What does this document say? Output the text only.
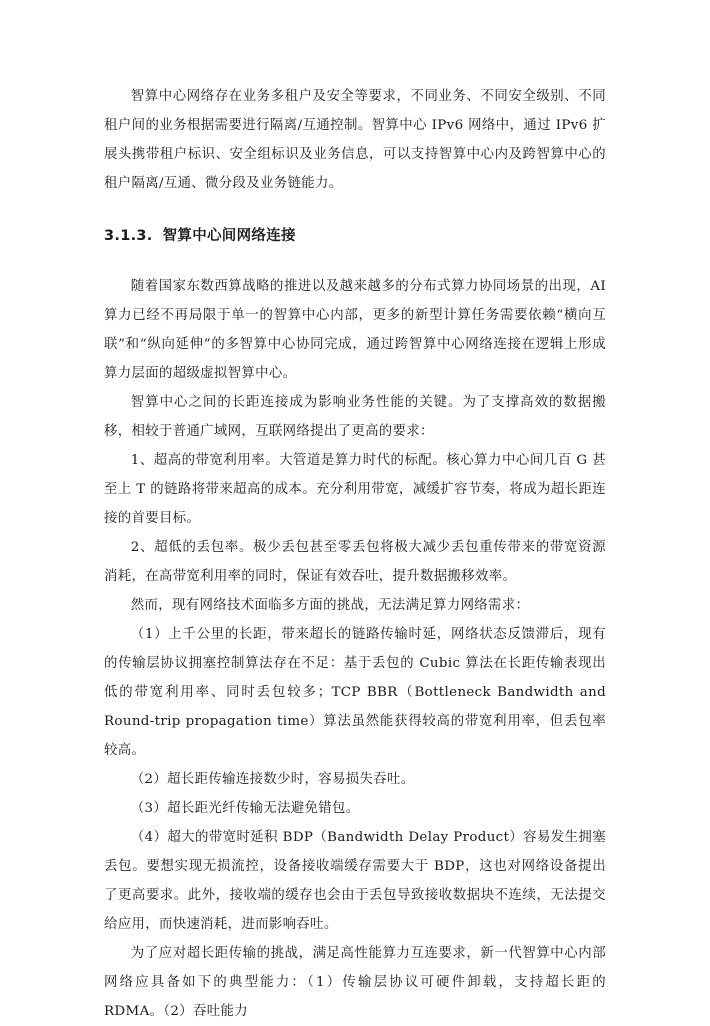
智算中心网络存在业务多租户及安全等要求，不同业务、不同安全级别、不同租户间的业务根据需要进行隔离/互通控制。智算中心 IPv6 网络中，通过 IPv6 扩展头携带租户标识、安全组标识及业务信息，可以支持智算中心内及跨智算中心的租户隔离/互通、微分段及业务链能力。

3.1.3. 智算中心间网络连接

随着国家东数西算战略的推进以及越来越多的分布式算力协同场景的出现，AI 算力已经不再局限于单一的智算中心内部，更多的新型计算任务需要依赖“横向互联”和“纵向延伸”的多智算中心协同完成，通过跨智算中心网络连接在逻辑上形成算力层面的超级虚拟智算中心。

智算中心之间的长距连接成为影响业务性能的关键。为了支撑高效的数据搬移，相较于普通广域网，互联网络提出了更高的要求：

1、超高的带宽利用率。大管道是算力时代的标配。核心算力中心间几百 G 甚至上 T 的链路将带来超高的成本。充分利用带宽，减缓扩容节奏，将成为超长距连接的首要目标。

2、超低的丢包率。极少丢包甚至零丢包将极大减少丢包重传带来的带宽资源消耗，在高带宽利用率的同时，保证有效吞吐，提升数据搬移效率。

然而，现有网络技术面临多方面的挑战，无法满足算力网络需求：

（1）上千公里的长距，带来超长的链路传输时延，网络状态反馈滞后，现有的传输层协议拥塞控制算法存在不足：基于丢包的 Cubic 算法在长距传输表现出低的带宽利用率、同时丢包较多；TCP BBR（Bottleneck Bandwidth and Round-trip propagation time）算法虽然能获得较高的带宽利用率，但丢包率较高。

（2）超长距传输连接数少时，容易损失吞吐。

（3）超长距光纤传输无法避免错包。

（4）超大的带宽时延积 BDP（Bandwidth Delay Product）容易发生拥塞丢包。要想实现无损流控，设备接收端缓存需要大于 BDP，这也对网络设备提出了更高要求。此外，接收端的缓存也会由于丢包导致接收数据块不连续，无法提交给应用，而快速消耗，进而影响吞吐。

为了应对超长距传输的挑战，满足高性能算力互连要求，新一代智算中心内部网络应具备如下的典型能力：（1）传输层协议可硬件卸载，支持超长距的 RDMA。（2）吞吐能力
